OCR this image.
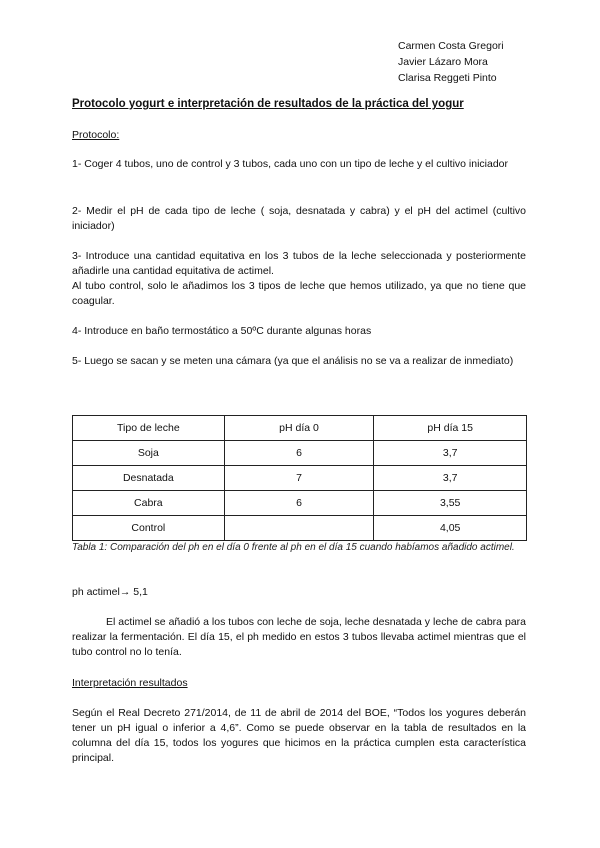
Carmen Costa Gregori
Javier Lázaro Mora
Clarisa Reggeti Pinto
Protocolo yogurt e interpretación de resultados de la práctica del yogur

Protocolo:

1- Coger 4 tubos, uno de control y 3 tubos, cada uno con un tipo de leche y el cultivo iniciador

2- Medir el pH de cada tipo de leche ( soja, desnatada y cabra) y el pH del actimel (cultivo iniciador)

3- Introduce una cantidad equitativa en los 3 tubos de la leche seleccionada y posteriormente añadirle una cantidad equitativa de actimel.

Al tubo control, solo le añadimos los 3 tipos de leche que hemos utilizado, ya que no tiene que coagular.

4- Introduce en baño termostático a 50ºC durante algunas horas

5- Luego se sacan y se meten una cámara (ya que el análisis no se va a realizar de inmediato)

Tipo de leche	pH día 0	pH día 15
Soja	6	3,7
Desnatada	7	3,7
Cabra	6	3,55
Control		4,05

Tabla 1: Comparación del ph en el día 0 frente al ph en el día 15 cuando habíamos añadido actimel.

ph actimel→ 5,1

El actimel se añadió a los tubos con leche de soja, leche desnatada y leche de cabra para realizar la fermentación. El día 15, el ph medido en estos 3 tubos llevaba actimel mientras que el tubo control no lo tenía.

Interpretación resultados

Según el Real Decreto 271/2014, de 11 de abril de 2014 del BOE, “Todos los yogures deberán tener un pH igual o inferior a 4,6”. Como se puede observar en la tabla de resultados en la columna del día 15, todos los yogures que hicimos en la práctica cumplen esta característica principal.
